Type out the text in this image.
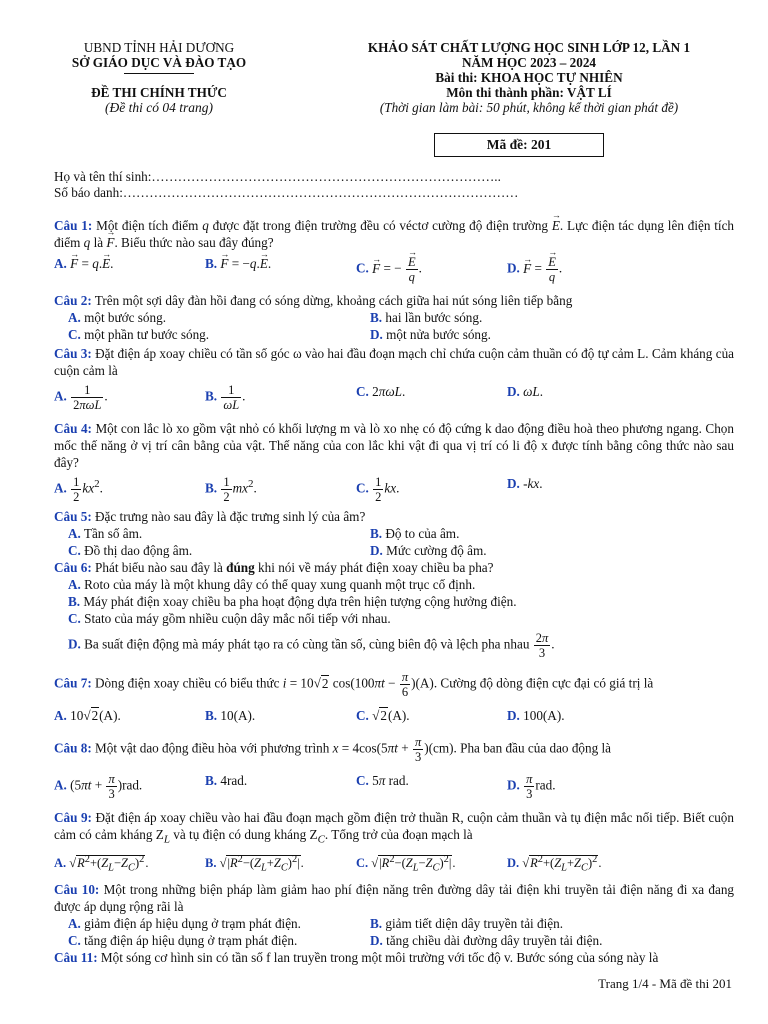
UBND TỈNH HẢI DƯƠNG
SỞ GIÁO DỤC VÀ ĐÀO TẠO
ĐỀ THI CHÍNH THỨC
(Đề thi có 04 trang)
KHẢO SÁT CHẤT LƯỢNG HỌC SINH LỚP 12, LẦN 1
NĂM HỌC 2023 – 2024
Bài thi: KHOA HỌC TỰ NHIÊN
Môn thi thành phần: VẬT LÍ
(Thời gian làm bài: 50 phút, không kể thời gian phát đề)
Mã đề: 201
Họ và tên thí sinh:……………………………………………………………………..
Số báo danh:………………………………………………………………………………
Câu 1: Một điện tích điểm q được đặt trong điện trường đều có véctơ cường độ điện trường → E. Lực điện tác dụng lên điện tích điểm q là → F. Biểu thức nào sau đây đúng?
A. → F = q.→ E.	B. → F = −q.→ E.	C. → F = − → $\frac{E}{q}$ .	D. → F = → $\frac{E}{q}$ .
Câu 2: Trên một sợi dây đàn hồi đang có sóng dừng, khoảng cách giữa hai nút sóng liên tiếp bằng
A. một bước sóng.	B. hai lần bước sóng.
C. một phần tư bước sóng.	D. một nửa bước sóng.
Câu 3: Đặt điện áp xoay chiều có tần số góc ω vào hai đầu đoạn mạch chỉ chứa cuộn cảm thuần có độ tự cảm L. Cảm kháng của cuộn cảm là
A. $\frac{1}{\text{2πωL}}$ .	B. $\frac{1}{\omega L}$ .	C. 2πωL.	D. ωL.
Câu 4: Một con lắc lò xo gồm vật nhỏ có khối lượng m và lò xo nhẹ có độ cứng k dao động điều hoà theo phương ngang. Chọn mốc thế năng ở vị trí cân bằng của vật. Thế năng của con lắc khi vật đi qua vị trí có li độ x được tính bằng công thức nào sau đây?
A. $\frac{1}{2} kx^2$.	B. $\frac{1}{2} mx^2$.	C. $\frac{1}{2}$ kx.	D. -kx.
Câu 5: Đặc trưng nào sau đây là đặc trưng sinh lý của âm?
A. Tần số âm.	B. Độ to của âm.
C. Đồ thị dao động âm.	D. Mức cường độ âm.
Câu 6: Phát biểu nào sau đây là đúng khi nói về máy phát điện xoay chiều ba pha?
A. Roto của máy là một khung dây có thể quay xung quanh một trục cố định.
B. Máy phát điện xoay chiều ba pha hoạt động dựa trên hiện tượng cộng hưởng điện.
C. Stato của máy gồm nhiều cuộn dây mắc nối tiếp với nhau.
D. Ba suất điện động mà máy phát tạo ra có cùng tần số, cùng biên độ và lệch pha nhau $\frac{2\pi}{3}$ .
Câu 7: Dòng điện xoay chiều có biểu thức i = 10√2 $\cos(100\pi t - \frac{\pi}{6} )(A)$. Cường độ dòng điện cực đại có giá trị là
A. 10√2(A).	B. 10(A).	C. √2(A).	D. 100(A).
Câu 8: Một vật dao động điều hòa với phương trình $x = 4\cos(5\pi t + \frac{\pi}{3} )(cm)$. Pha ban đầu của dao động là
A. $(5\pi t + \frac{\pi}{3} )rad$.	B. 4rad.	C. 5π rad.	D. $\frac{\pi}{3}$ rad.
Câu 9: Đặt điện áp xoay chiều vào hai đầu đoạn mạch gồm điện trở thuần R, cuộn cảm thuần và tụ điện mắc nối tiếp. Biết cuộn cảm có cảm kháng $Z_L$ và tụ điện có dung kháng $Z_C$. Tổng trở của đoạn mạch là
A. $√R^2+(Z_L-Z_C)^2$.	B. $√|R^2-(Z_L+Z_C)^2|$.	C. $√|R^2-(Z_L-Z_C)^2|$.	D. $√R^2+(Z_L+Z_C)^2$.
Câu 10: Một trong những biện pháp làm giảm hao phí điện năng trên đường dây tải điện khi truyền tải điện năng đi xa đang được áp dụng rộng rãi là
A. giảm điện áp hiệu dụng ở trạm phát điện.	B. giảm tiết diện dây truyền tải điện.
C. tăng điện áp hiệu dụng ở trạm phát điện.	D. tăng chiều dài đường dây truyền tải điện.
Câu 11: Một sóng cơ hình sin có tần số f lan truyền trong một môi trường với tốc độ v. Bước sóng của sóng này là
Trang 1/4 - Mã đề thi 201
